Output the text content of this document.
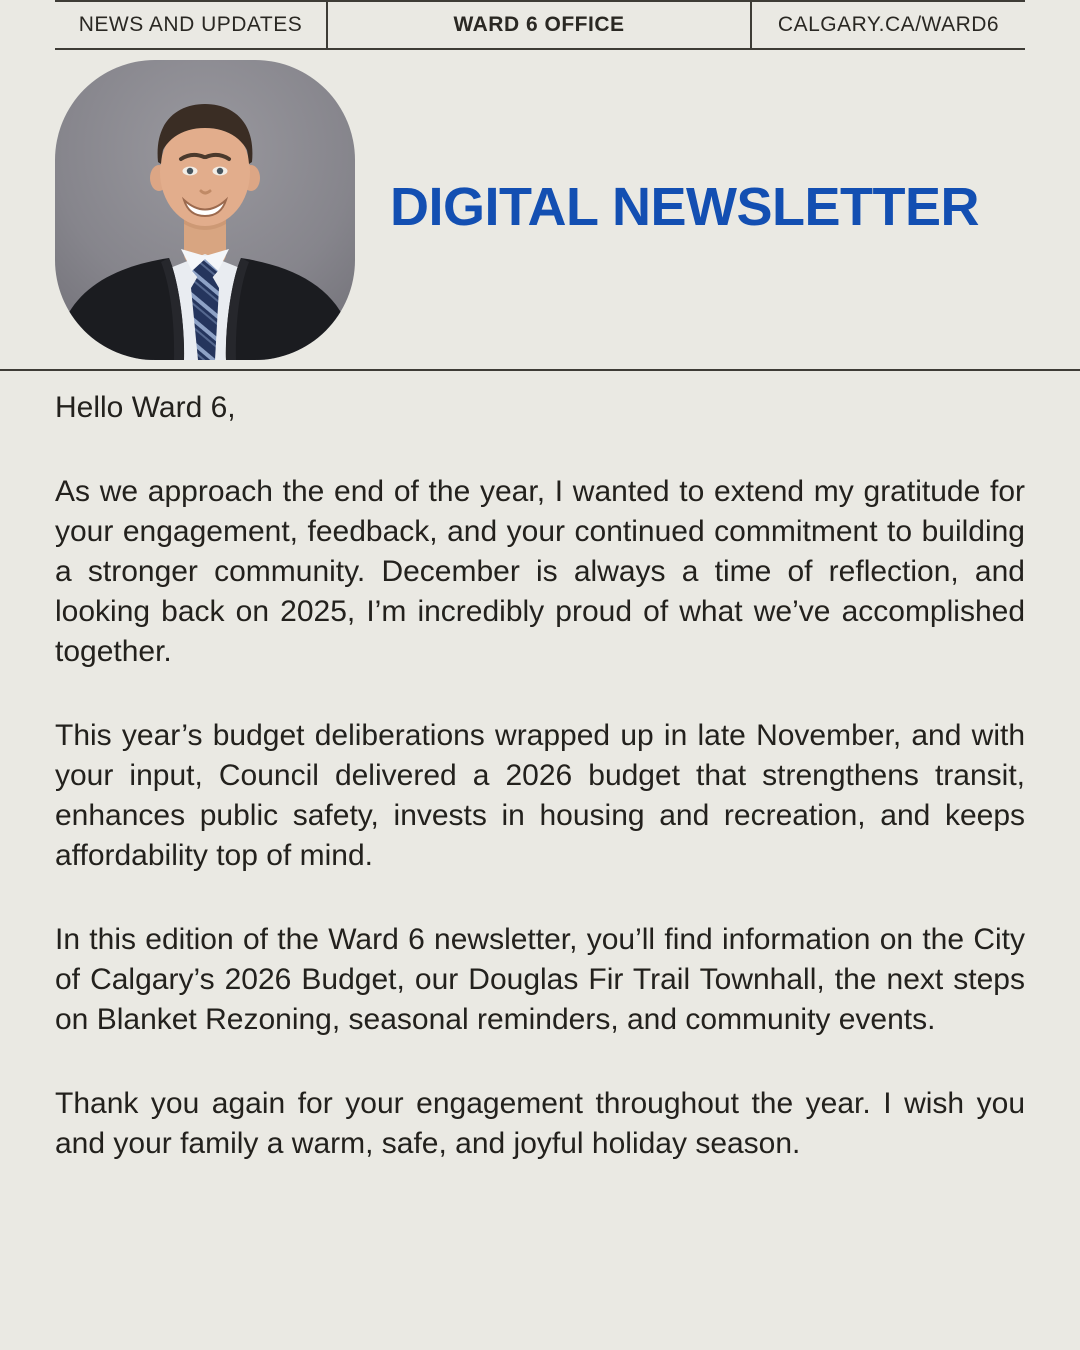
NEWS AND UPDATES	WARD 6 OFFICE	CALGARY.CA/WARD6
DIGITAL NEWSLETTER

Hello Ward 6,

As we approach the end of the year, I wanted to extend my gratitude for your engagement, feedback, and your continued commitment to building a stronger community. December is always a time of reflection, and looking back on 2025, I’m incredibly proud of what we’ve accomplished together.

This year’s budget deliberations wrapped up in late November, and with your input, Council delivered a 2026 budget that strengthens transit, enhances public safety, invests in housing and recreation, and keeps affordability top of mind.

In this edition of the Ward 6 newsletter, you’ll find information on the City of Calgary’s 2026 Budget, our Douglas Fir Trail Townhall, the next steps on Blanket Rezoning, seasonal reminders, and community events.

Thank you again for your engagement throughout the year. I wish you and your family a warm, safe, and joyful holiday season.
